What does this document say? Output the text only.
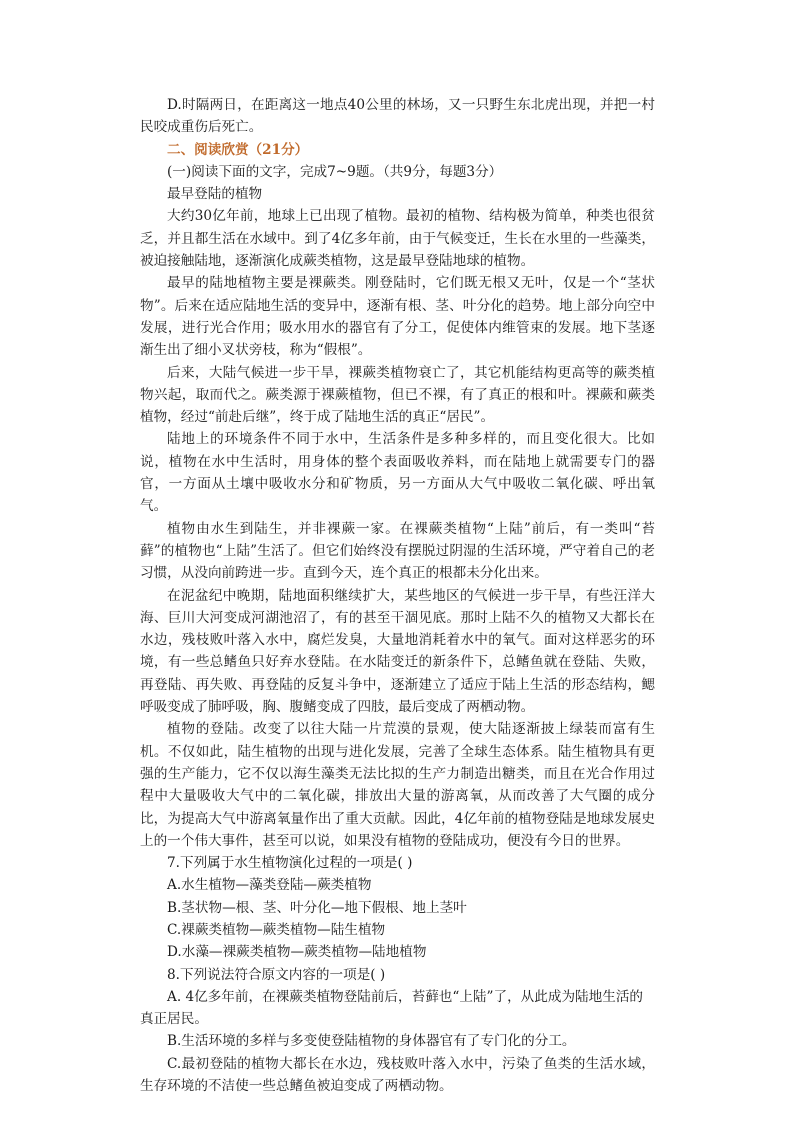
D.时隔两日，在距离这一地点40公里的林场，又一只野生东北虎出现，并把一村民咬成重伤后死亡。

二、阅读欣赏（21分）

(一)阅读下面的文字，完成7~9题。（共9分，每题3分）

最早登陆的植物

大约30亿年前，地球上已出现了植物。最初的植物、结构极为简单，种类也很贫乏，并且都生活在水域中。到了4亿多年前，由于气候变迁，生长在水里的一些藻类，被迫接触陆地，逐渐演化成蕨类植物，这是最早登陆地球的植物。

最早的陆地植物主要是裸蕨类。刚登陆时，它们既无根又无叶，仅是一个“茎状物”。后来在适应陆地生活的变异中，逐渐有根、茎、叶分化的趋势。地上部分向空中发展，进行光合作用；吸水用水的器官有了分工，促使体内维管束的发展。地下茎逐渐生出了细小叉状旁枝，称为“假根”。

后来，大陆气候进一步干旱，裸蕨类植物衰亡了，其它机能结构更高等的蕨类植物兴起，取而代之。蕨类源于裸蕨植物，但已不裸，有了真正的根和叶。裸蕨和蕨类植物，经过“前赴后继”，终于成了陆地生活的真正“居民”。

陆地上的环境条件不同于水中，生活条件是多种多样的，而且变化很大。比如说，植物在水中生活时，用身体的整个表面吸收养料，而在陆地上就需要专门的器官，一方面从土壤中吸收水分和矿物质，另一方面从大气中吸收二氧化碳、呼出氧气。

植物由水生到陆生，并非裸蕨一家。在裸蕨类植物“上陆”前后，有一类叫“苔藓”的植物也“上陆”生活了。但它们始终没有摆脱过阴湿的生活环境，严守着自己的老习惯，从没向前跨进一步。直到今天，连个真正的根都未分化出来。

在泥盆纪中晚期，陆地面积继续扩大，某些地区的气候进一步干旱，有些汪洋大海、巨川大河变成河湖池沼了，有的甚至干涸见底。那时上陆不久的植物又大都长在水边，残枝败叶落入水中，腐烂发臭，大量地消耗着水中的氧气。面对这样恶劣的环境，有一些总鳍鱼只好弃水登陆。在水陆变迁的新条件下，总鳍鱼就在登陆、失败，再登陆、再失败、再登陆的反复斗争中，逐渐建立了适应于陆上生活的形态结构，鳃呼吸变成了肺呼吸，胸、腹鳍变成了四肢，最后变成了两栖动物。

植物的登陆。改变了以往大陆一片荒漠的景观，使大陆逐渐披上绿装而富有生机。不仅如此，陆生植物的出现与进化发展，完善了全球生态体系。陆生植物具有更强的生产能力，它不仅以海生藻类无法比拟的生产力制造出糖类，而且在光合作用过程中大量吸收大气中的二氧化碳，排放出大量的游离氧，从而改善了大气圈的成分比，为提高大气中游离氧量作出了重大贡献。因此，4亿年前的植物登陆是地球发展史上的一个伟大事件，甚至可以说，如果没有植物的登陆成功，便没有今日的世界。

7.下列属于水生植物演化过程的一项是( )

A.水生植物—藻类登陆—蕨类植物

B.茎状物—根、茎、叶分化—地下假根、地上茎叶

C.裸蕨类植物—蕨类植物—陆生植物

D.水藻—裸蕨类植物—蕨类植物—陆地植物

8.下列说法符合原文内容的一项是( )

A. 4亿多年前，在裸蕨类植物登陆前后，苔藓也“上陆”了，从此成为陆地生活的

真正居民。

B.生活环境的多样与多变使登陆植物的身体器官有了专门化的分工。

C.最初登陆的植物大都长在水边，残枝败叶落入水中，污染了鱼类的生活水域，生存环境的不洁使一些总鳍鱼被迫变成了两栖动物。
